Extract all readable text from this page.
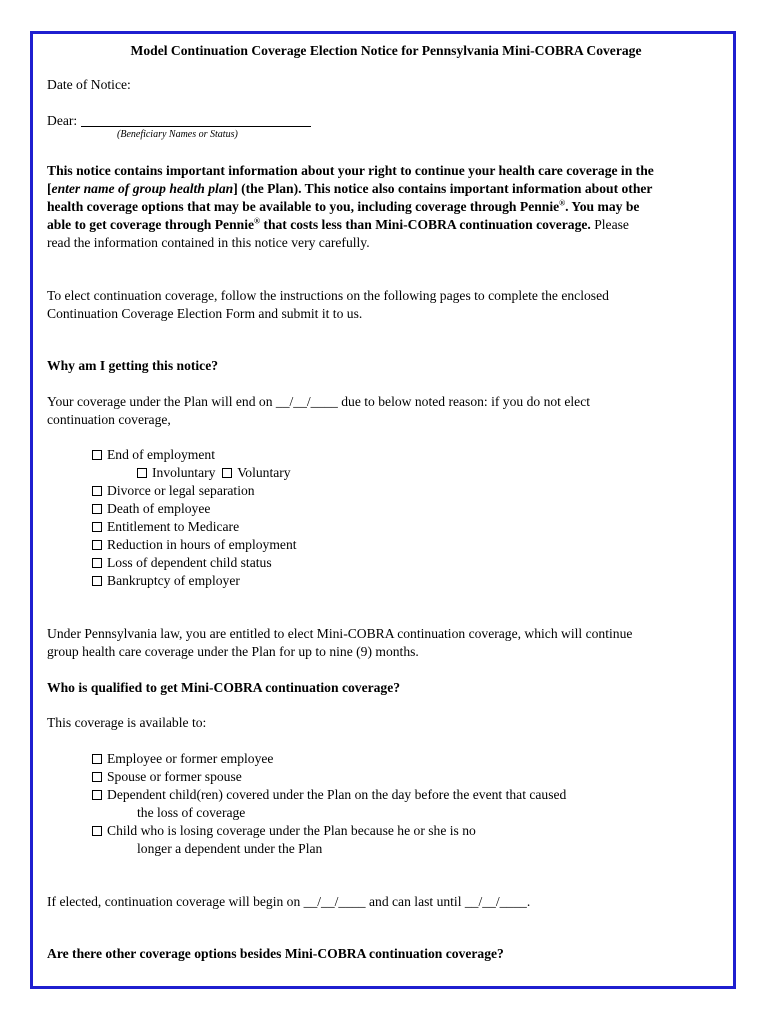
Model Continuation Coverage Election Notice for Pennsylvania Mini-COBRA Coverage
Date of Notice:
Dear:
(Beneficiary Names or Status)
This notice contains important information about your right to continue your health care coverage in the
[enter name of group health plan] (the Plan). This notice also contains important information about other
health coverage options that may be available to you, including coverage through Pennie®. You may be
able to get coverage through Pennie® that costs less than Mini-COBRA continuation coverage. Please
read the information contained in this notice very carefully.
To elect continuation coverage, follow the instructions on the following pages to complete the enclosed
Continuation Coverage Election Form and submit it to us.
Why am I getting this notice?
Your coverage under the Plan will end on __/__/____ due to below noted reason: if you do not elect
continuation coverage,
End of employment
Involuntary Voluntary
Divorce or legal separation
Death of employee
Entitlement to Medicare
Reduction in hours of employment
Loss of dependent child status
Bankruptcy of employer
Under Pennsylvania law, you are entitled to elect Mini-COBRA continuation coverage, which will continue
group health care coverage under the Plan for up to nine (9) months.
Who is qualified to get Mini-COBRA continuation coverage?
This coverage is available to:
Employee or former employee
Spouse or former spouse
Dependent child(ren) covered under the Plan on the day before the event that caused
the loss of coverage
Child who is losing coverage under the Plan because he or she is no
longer a dependent under the Plan
If elected, continuation coverage will begin on __/__/____ and can last until __/__/____.
Are there other coverage options besides Mini-COBRA continuation coverage?
